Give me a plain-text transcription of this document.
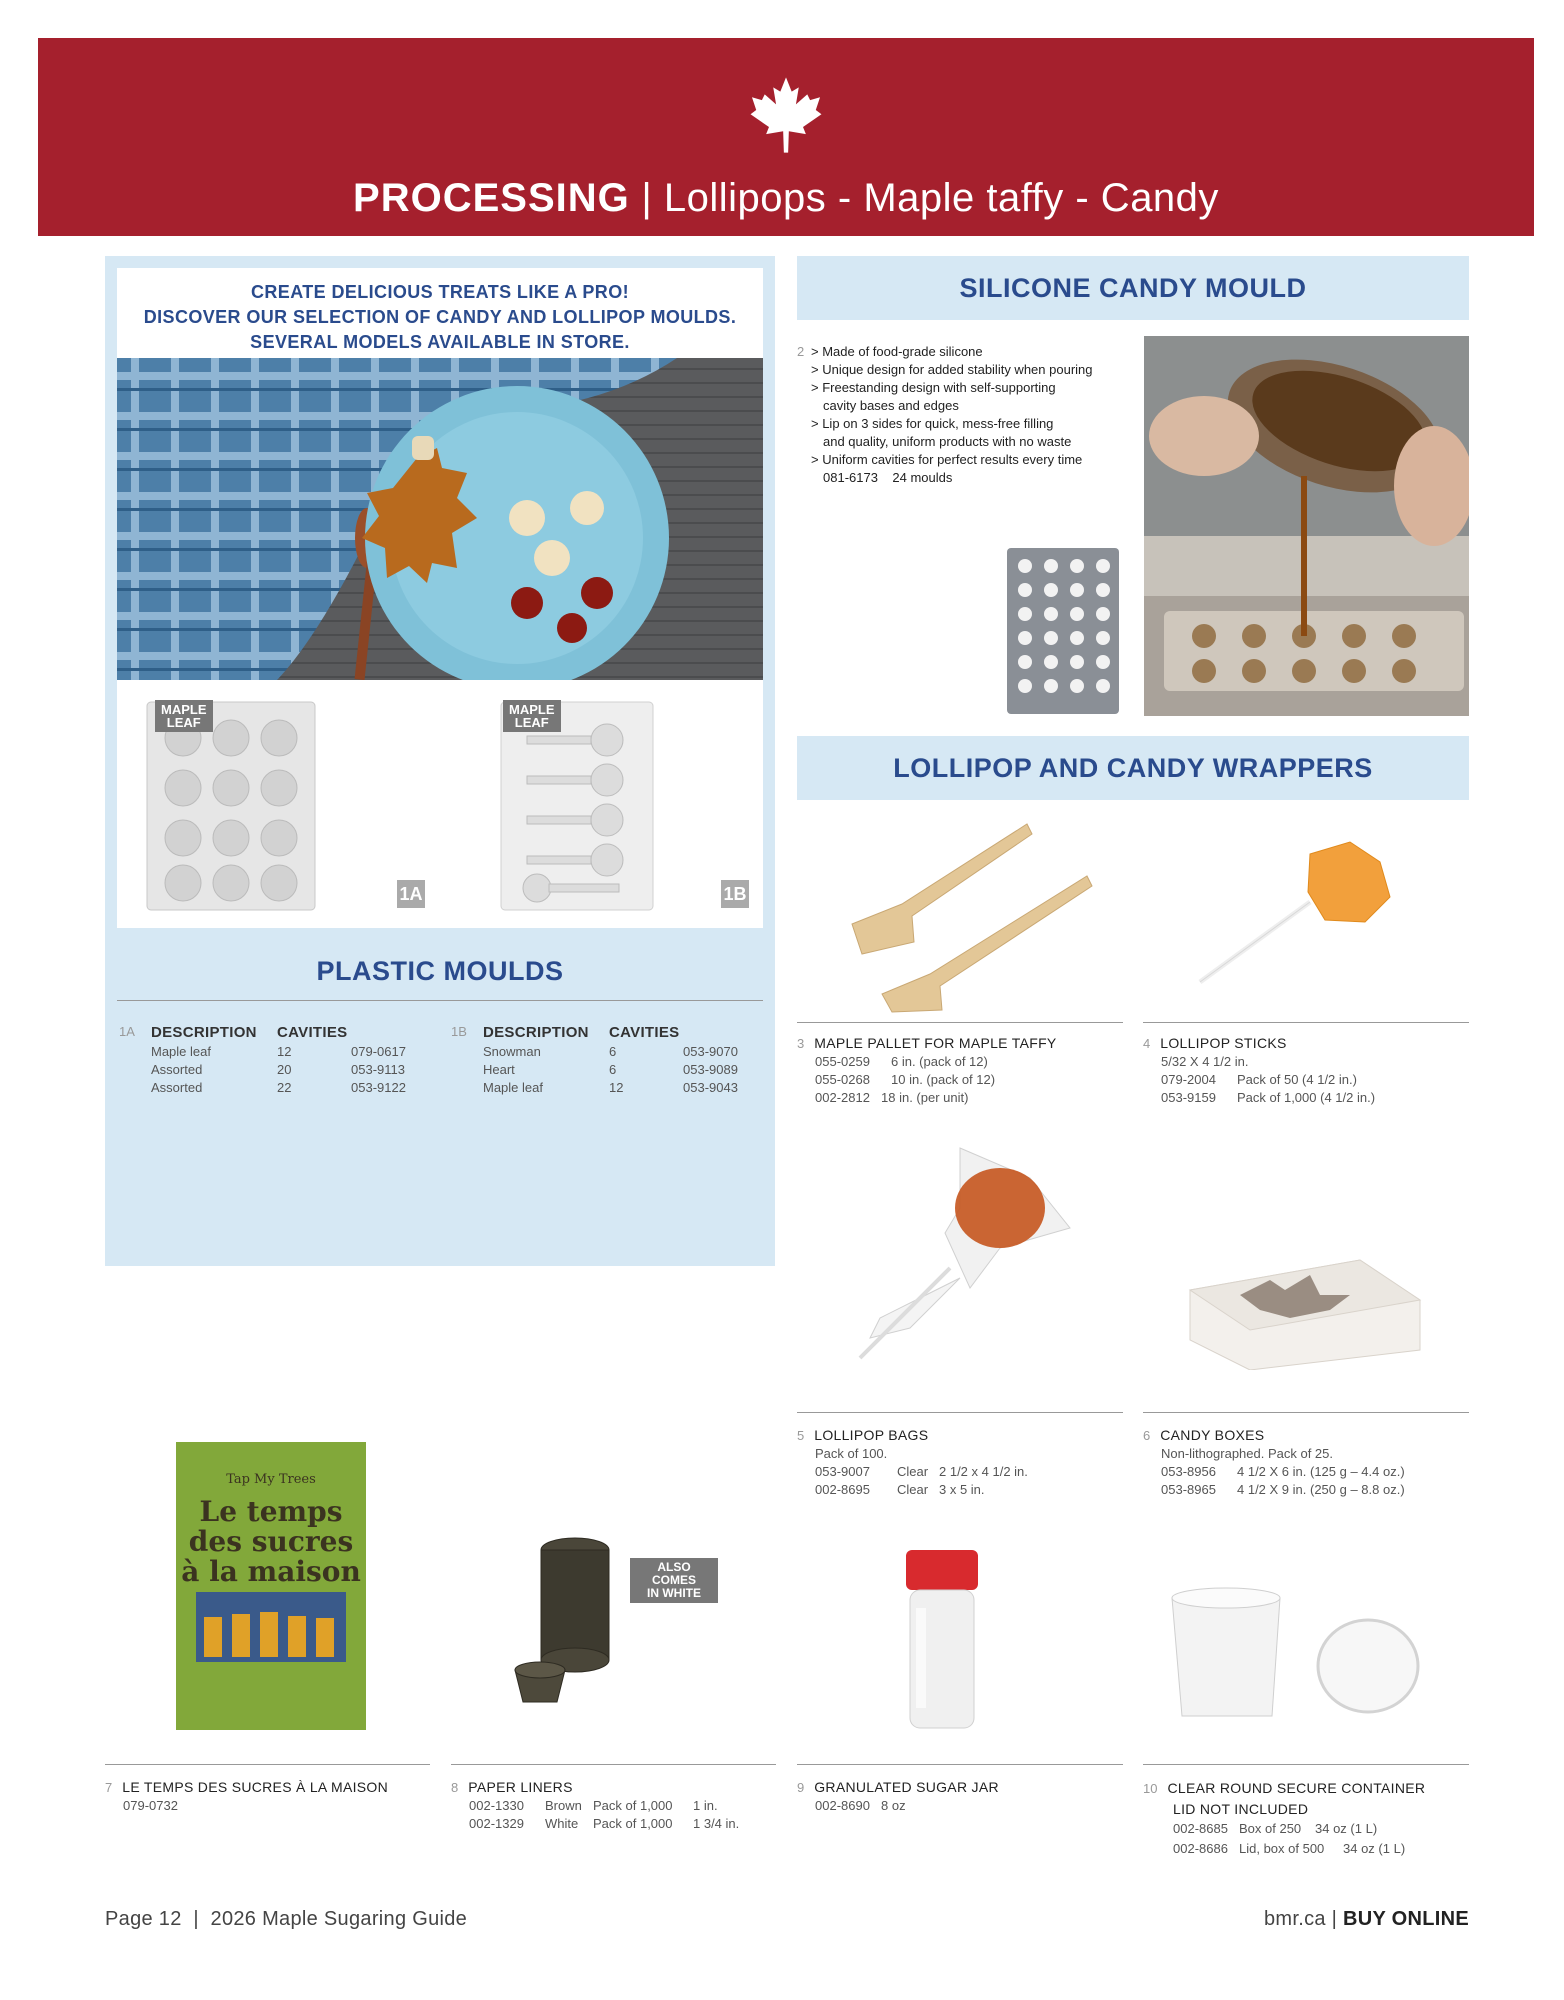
PROCESSING | Lollipops - Maple taffy - Candy
CREATE DELICIOUS TREATS LIKE A PRO!
DISCOVER OUR SELECTION OF CANDY AND LOLLIPOP MOULDS.
SEVERAL MODELS AVAILABLE IN STORE.
MAPLE
LEAF
1A
MAPLE
LEAF
1B
PLASTIC MOULDS
1A DESCRIPTION CAVITIES
Maple leaf	12	079-0617
Assorted	20	053-9113
Assorted	22	053-9122
1B DESCRIPTION CAVITIES
Snowman	6	053-9070
Heart	6	053-9089
Maple leaf	12	053-9043
SILICONE CANDY MOULD
2 > Made of food-grade silicone
> Unique design for added stability when pouring
> Freestanding design with self-supporting
cavity bases and edges
> Lip on 3 sides for quick, mess-free filling
and quality, uniform products with no waste
> Uniform cavities for perfect results every time
081-6173 24 moulds
LOLLIPOP AND CANDY WRAPPERS
3 MAPLE PALLET FOR MAPLE TAFFY
055-0259 6 in. (pack of 12)
055-0268 10 in. (pack of 12)
002-2812 18 in. (per unit)
4 LOLLIPOP STICKS
5/32 X 4 1/2 in.
079-2004 Pack of 50 (4 1/2 in.)
053-9159 Pack of 1,000 (4 1/2 in.)
5 LOLLIPOP BAGS
Pack of 100.
053-9007 Clear 2 1/2 x 4 1/2 in.
002-8695 Clear 3 x 5 in.
6 CANDY BOXES
Non-lithographed. Pack of 25.
053-8956 4 1/2 X 6 in. (125 g – 4.4 oz.)
053-8965 4 1/2 X 9 in. (250 g – 8.8 oz.)
Tap My Trees
Le temps
des sucres
à la maison	ALSO COMES
IN WHITE
7 LE TEMPS DES SUCRES À LA MAISON
079-0732
8 PAPER LINERS
002-1330 Brown Pack of 1,000 1 in.
002-1329 White Pack of 1,000 1 3/4 in.
9 GRANULATED SUGAR JAR
002-8690 8 oz
10 CLEAR ROUND SECURE CONTAINER
LID NOT INCLUDED
002-8685 Box of 250 34 oz (1 L)
002-8686 Lid, box of 500 34 oz (1 L)
Page 12  |  2026 Maple Sugaring Guide	bmr.ca | BUY ONLINE
